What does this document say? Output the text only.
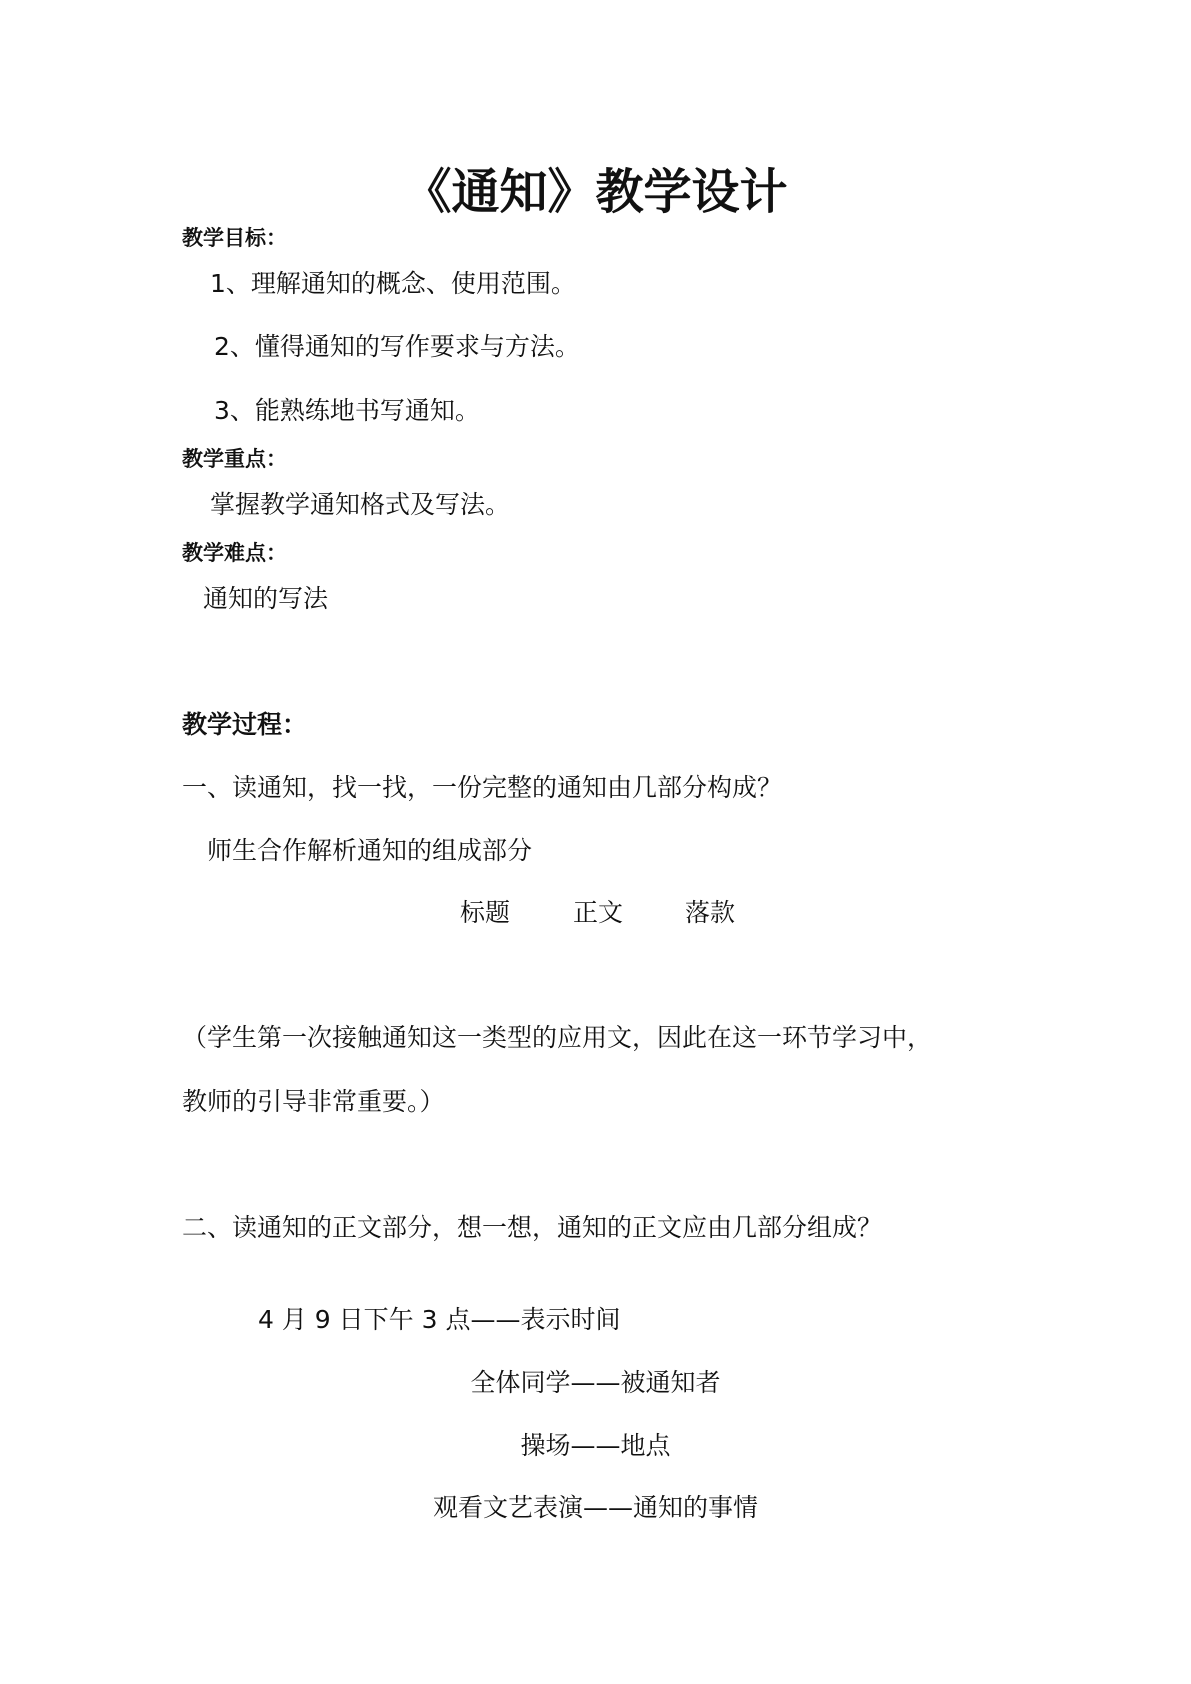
《通知》教学设计
教学目标：
1、理解通知的概念、使用范围。
2、懂得通知的写作要求与方法。
3、能熟练地书写通知。
教学重点：
掌握教学通知格式及写法。
教学难点：
通知的写法
教学过程：
一、读通知，找一找，一份完整的通知由几部分构成？
师生合作解析通知的组成部分
标题	正文 落款
（学生第一次接触通知这一类型的应用文，因此在这一环节学习中，
教师的引导非常重要。）
二、读通知的正文部分，想一想，通知的正文应由几部分组成？
4 月 9 日下午 3 点——表示时间
全体同学——被通知者
操场——地点
观看文艺表演——通知的事情
